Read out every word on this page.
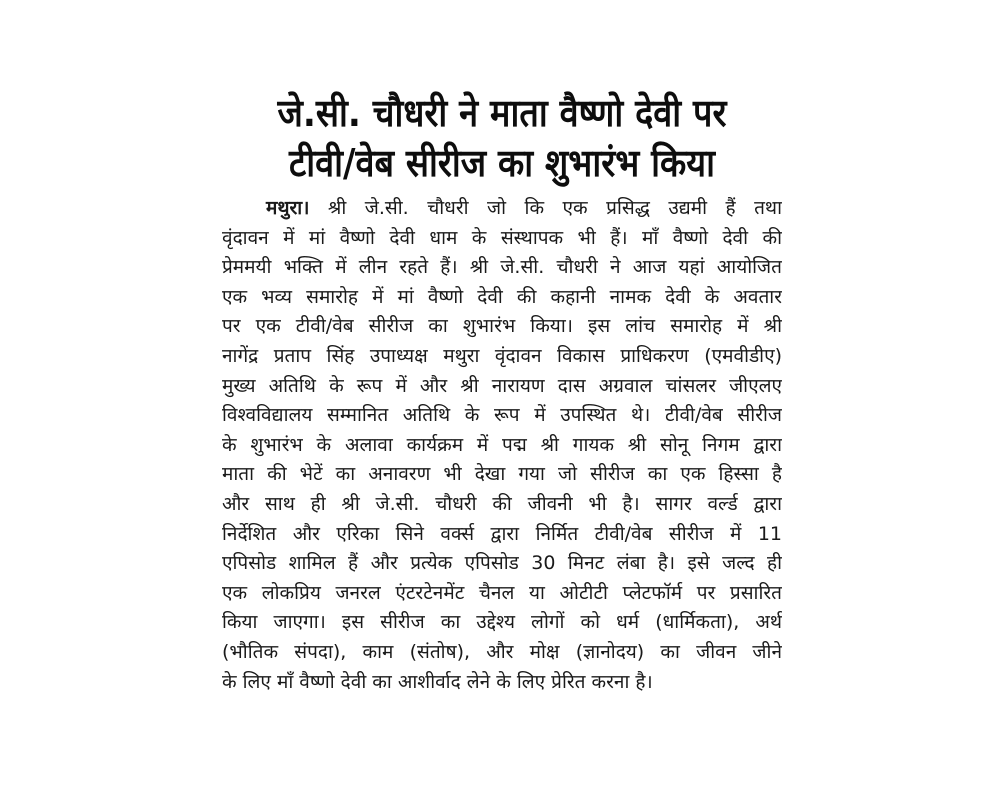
जे.सी. चौधरी ने माता वैष्णो देवी पर
टीवी/वेब सीरीज का शुभारंभ किया
मथुरा। श्री जे.सी. चौधरी जो कि एक प्रसिद्ध उद्यमी हैं तथा
वृंदावन में मां वैष्णो देवी धाम के संस्थापक भी हैं। माँ वैष्णो देवी की
प्रेममयी भक्ति में लीन रहते हैं। श्री जे.सी. चौधरी ने आज यहां आयोजित
एक भव्य समारोह में मां वैष्णो देवी की कहानी नामक देवी के अवतार
पर एक टीवी/वेब सीरीज का शुभारंभ किया। इस लांच समारोह में श्री
नागेंद्र प्रताप सिंह उपाध्यक्ष मथुरा वृंदावन विकास प्राधिकरण (एमवीडीए)
मुख्य अतिथि के रूप में और श्री नारायण दास अग्रवाल चांसलर जीएलए
विश्वविद्यालय सम्मानित अतिथि के रूप में उपस्थित थे। टीवी/वेब सीरीज
के शुभारंभ के अलावा कार्यक्रम में पद्म श्री गायक श्री सोनू निगम द्वारा
माता की भेटें का अनावरण भी देखा गया जो सीरीज का एक हिस्सा है
और साथ ही श्री जे.सी. चौधरी की जीवनी भी है। सागर वर्ल्ड द्वारा
निर्देशित और एरिका सिने वर्क्स द्वारा निर्मित टीवी/वेब सीरीज में 11
एपिसोड शामिल हैं और प्रत्येक एपिसोड 30 मिनट लंबा है। इसे जल्द ही
एक लोकप्रिय जनरल एंटरटेनमेंट चैनल या ओटीटी प्लेटफॉर्म पर प्रसारित
किया जाएगा। इस सीरीज का उद्देश्य लोगों को धर्म (धार्मिकता), अर्थ
(भौतिक संपदा), काम (संतोष), और मोक्ष (ज्ञानोदय) का जीवन जीने
के लिए माँ वैष्णो देवी का आशीर्वाद लेने के लिए प्रेरित करना है।
